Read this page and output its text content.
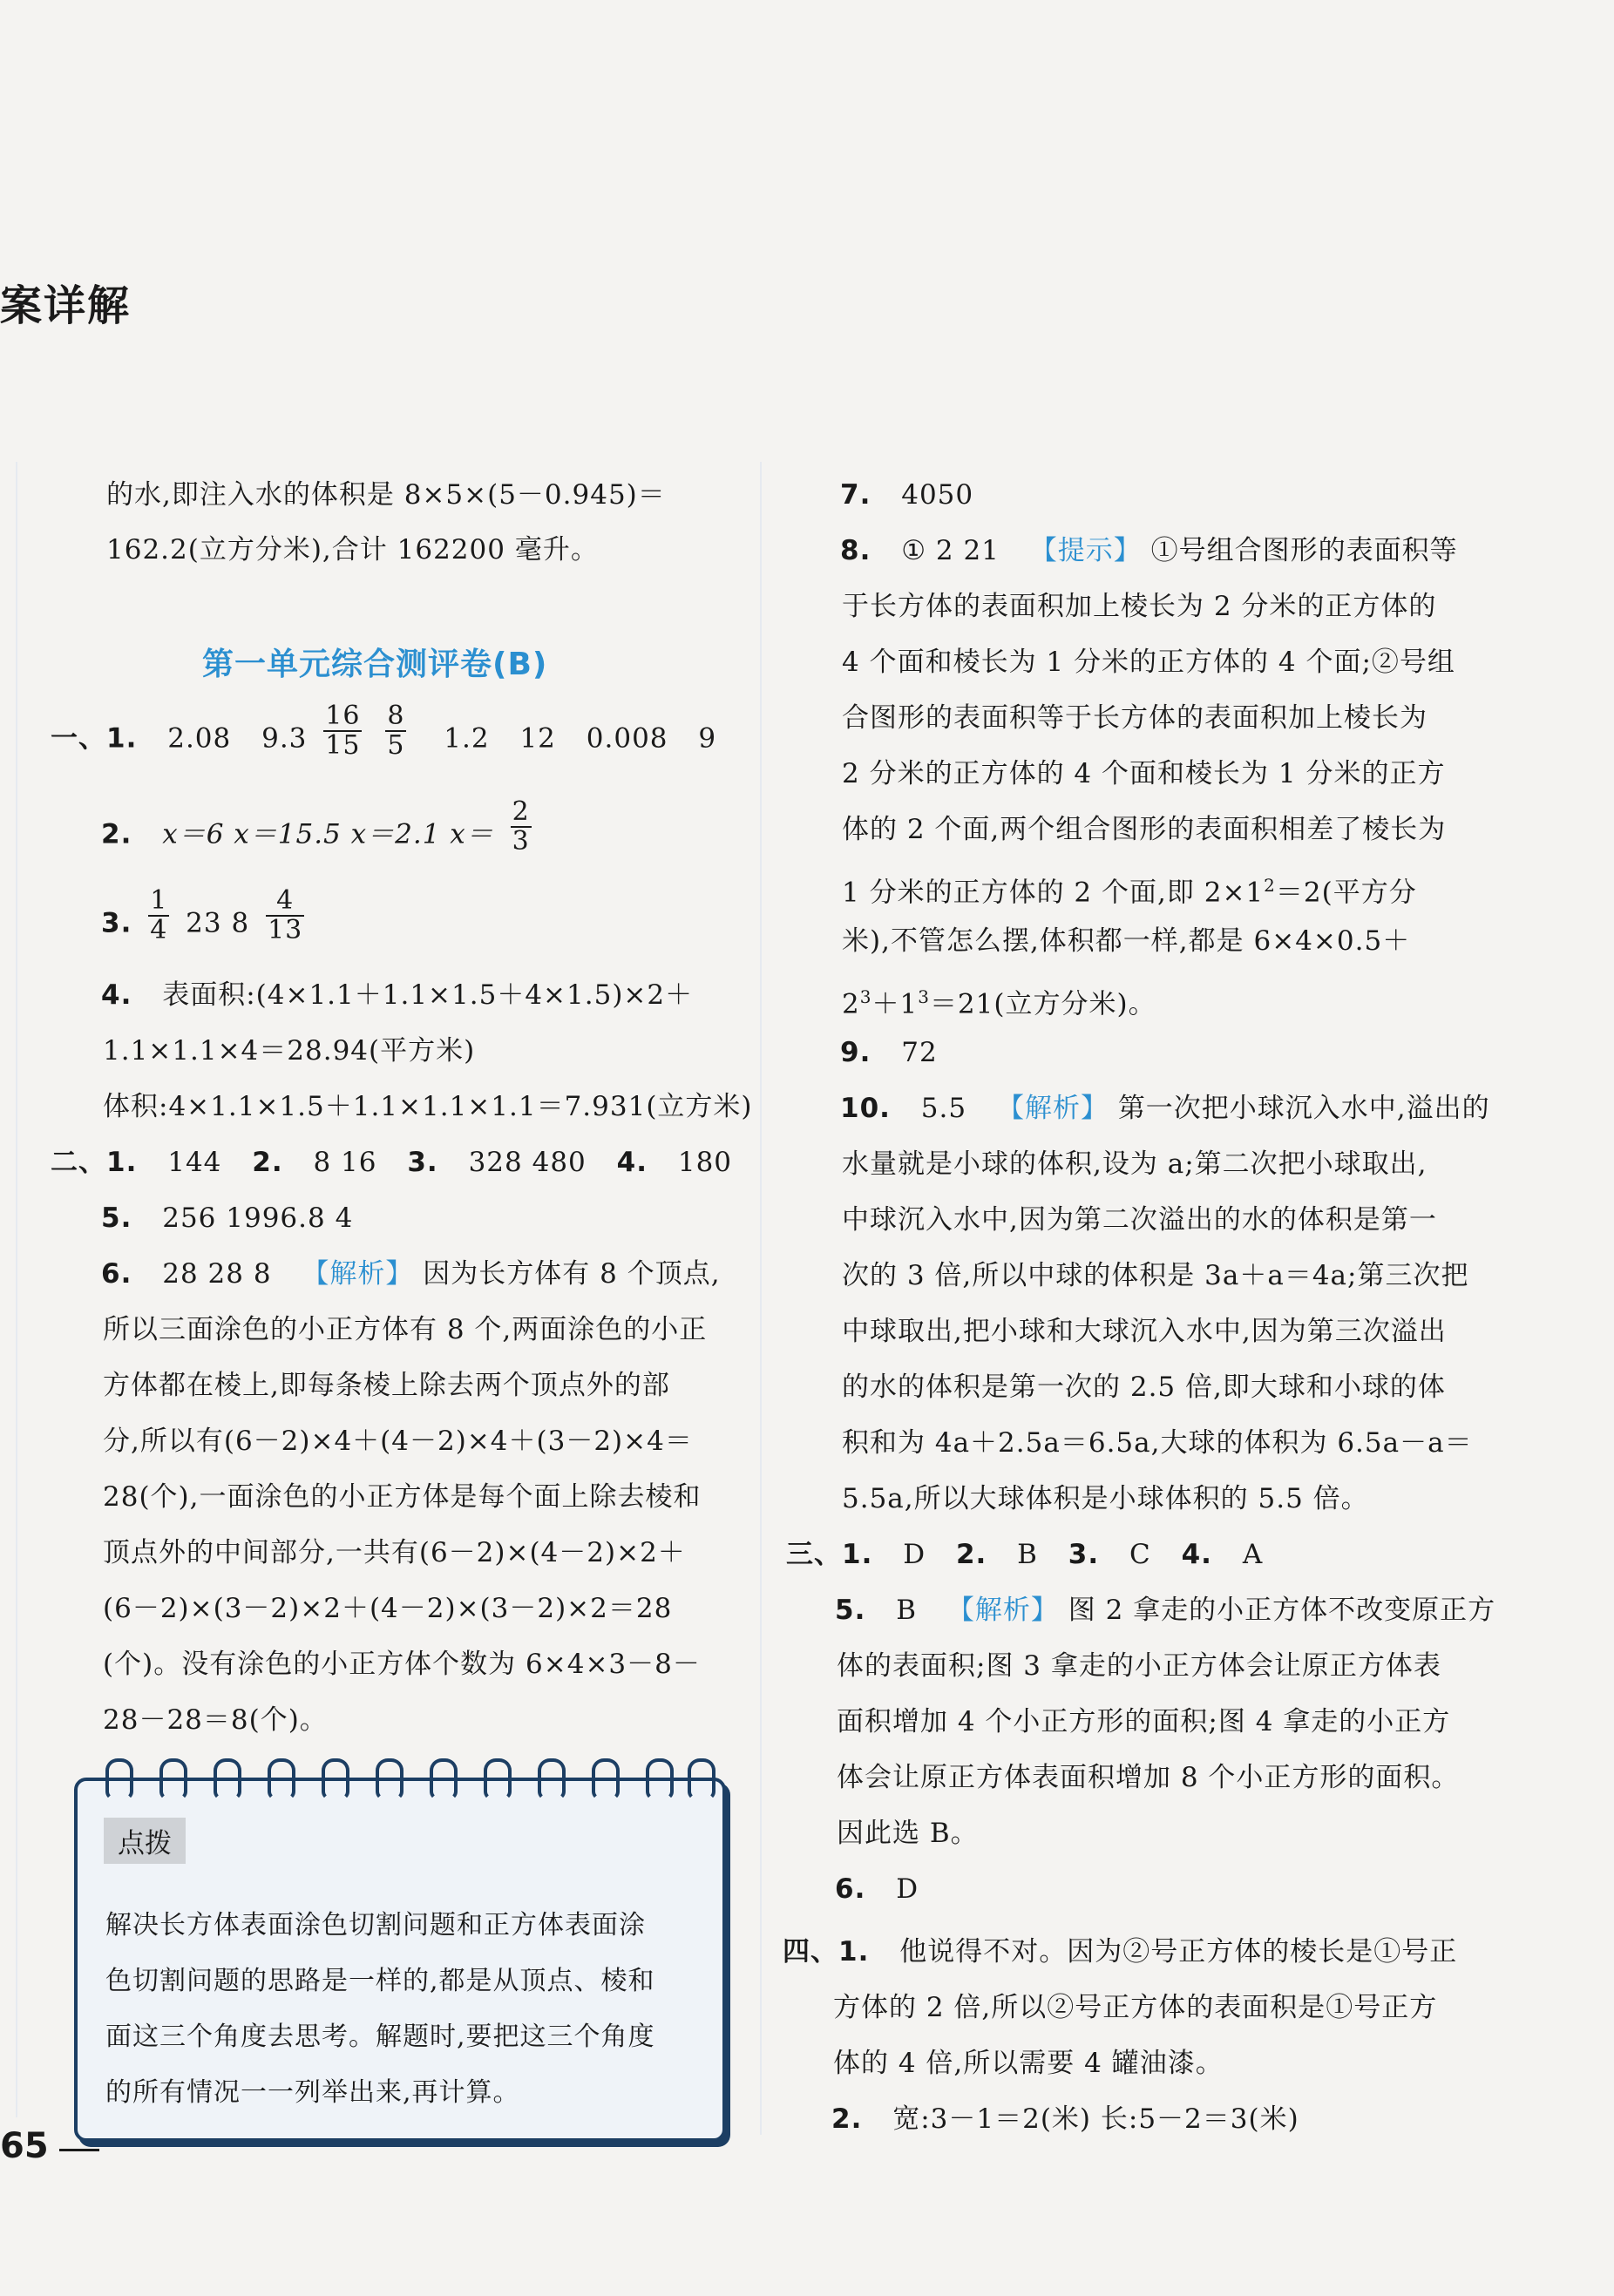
案详解
的水,即注入水的体积是 8×5×(5－0.945)＝
162.2(立方分米),合计 162200 毫升。
第一单元综合测评卷(B)
一、1. 2.08 $9.3 \frac{16}{15}$
$\frac{8}{5} 1.2$ 12 0.008 9
2. x＝6 x＝15.5 x＝2.1 $x= \frac{2}{3}$
3. $\frac{1}{4} 23$ $8 \frac{4}{13}$
4. 表面积:(4×1.1＋1.1×1.5＋4×1.5)×2＋
1.1×1.1×4＝28.94(平方米)
体积:4×1.1×1.5＋1.1×1.1×1.1＝7.931(立方米)
二、1. 144 2. 8 16 3. 328 480 4. 180
5. 256 1996.8 4
6. 28 28 8 【解析】 因为长方体有 8 个顶点,
所以三面涂色的小正方体有 8 个,两面涂色的小正
方体都在棱上,即每条棱上除去两个顶点外的部
分,所以有(6－2)×4＋(4－2)×4＋(3－2)×4＝
28(个),一面涂色的小正方体是每个面上除去棱和
顶点外的中间部分,一共有(6－2)×(4－2)×2＋
(6－2)×(3－2)×2＋(4－2)×(3－2)×2＝28
(个)。没有涂色的小正方体个数为 6×4×3－8－
28－28＝8(个)。
点拨
解决长方体表面涂色切割问题和正方体表面涂
色切割问题的思路是一样的,都是从顶点、棱和
面这三个角度去思考。解题时,要把这三个角度
的所有情况一一列举出来,再计算。
65
7. 4050
8. ① 2 21 【提示】 ①号组合图形的表面积等
于长方体的表面积加上棱长为 2 分米的正方体的
4 个面和棱长为 1 分米的正方体的 4 个面;②号组
合图形的表面积等于长方体的表面积加上棱长为
2 分米的正方体的 4 个面和棱长为 1 分米的正方
体的 2 个面,两个组合图形的表面积相差了棱长为
1 分米的正方体的 2 个面,即 $2\times 1^2=2$(平方分
米),不管怎么摆,体积都一样,都是 6×4×0.5＋
$2^3+1^3=21$(立方分米)。
9. 72
10. 5.5 【解析】 第一次把小球沉入水中,溢出的
水量就是小球的体积,设为 a;第二次把小球取出,
中球沉入水中,因为第二次溢出的水的体积是第一
次的 3 倍,所以中球的体积是 3a＋a＝4a;第三次把
中球取出,把小球和大球沉入水中,因为第三次溢出
的水的体积是第一次的 2.5 倍,即大球和小球的体
积和为 4a＋2.5a＝6.5a,大球的体积为 6.5a－a＝
5.5a,所以大球体积是小球体积的 5.5 倍。
三、1. D 2. B 3. C 4. A
5. B 【解析】 图 2 拿走的小正方体不改变原正方
体的表面积;图 3 拿走的小正方体会让原正方体表
面积增加 4 个小正方形的面积;图 4 拿走的小正方
体会让原正方体表面积增加 8 个小正方形的面积。
因此选 B。
6. D
四、1. 他说得不对。因为②号正方体的棱长是①号正
方体的 2 倍,所以②号正方体的表面积是①号正方
体的 4 倍,所以需要 4 罐油漆。
2. 宽:3－1＝2(米) 长:5－2＝3(米)
